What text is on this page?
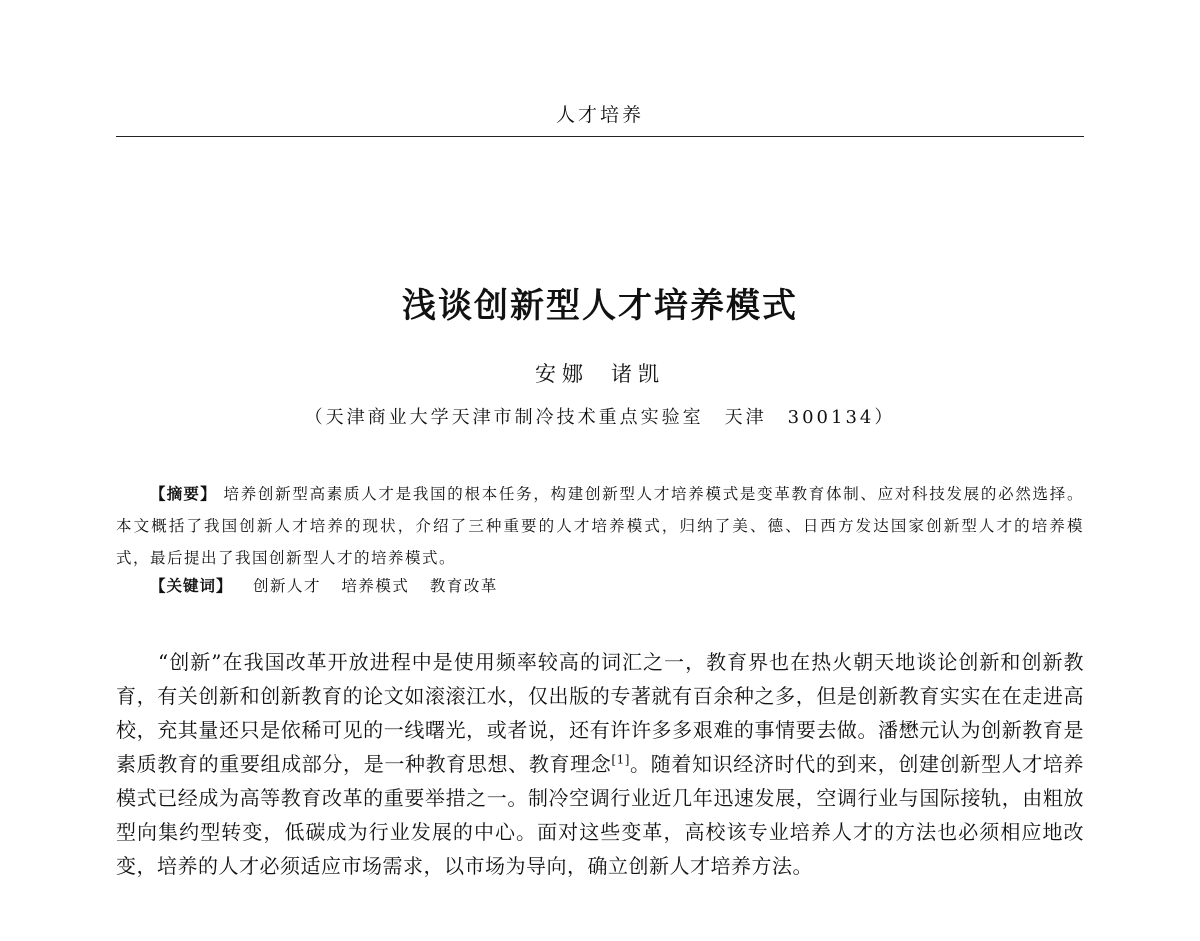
人才培养
浅谈创新型人才培养模式
安娜 诸凯
（天津商业大学天津市制冷技术重点实验室　天津　300134）
【摘要】 培养创新型高素质人才是我国的根本任务，构建创新型人才培养模式是变革教育体制、应对科技发展的必然选择。本文概括了我国创新人才培养的现状，介绍了三种重要的人才培养模式，归纳了美、德、日西方发达国家创新型人才的培养模式，最后提出了我国创新型人才的培养模式。
【关键词】 创新人才 培养模式 教育改革
“创新”在我国改革开放进程中是使用频率较高的词汇之一，教育界也在热火朝天地谈论创新和创新教育，有关创新和创新教育的论文如滚滚江水，仅出版的专著就有百余种之多，但是创新教育实实在在走进高校，充其量还只是依稀可见的一线曙光，或者说，还有许许多多艰难的事情要去做。潘懋元认为创新教育是素质教育的重要组成部分，是一种教育思想、教育理念[1]。随着知识经济时代的到来，创建创新型人才培养模式已经成为高等教育改革的重要举措之一。制冷空调行业近几年迅速发展，空调行业与国际接轨，由粗放型向集约型转变，低碳成为行业发展的中心。面对这些变革，高校该专业培养人才的方法也必须相应地改变，培养的人才必须适应市场需求，以市场为导向，确立创新人才培养方法。
